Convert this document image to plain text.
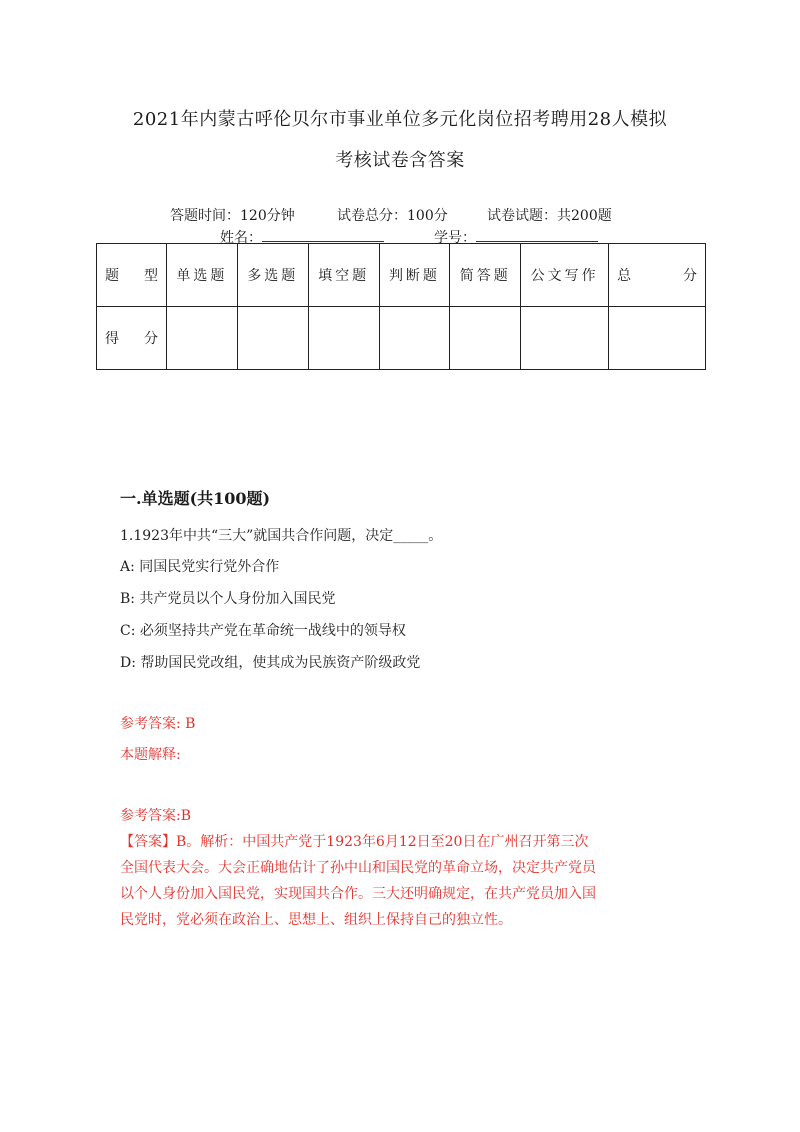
2021年内蒙古呼伦贝尔市事业单位多元化岗位招考聘用28人模拟
考核试卷含答案
答题时间：120分钟	试卷总分：100分	试卷试题：共200题
姓名：	学号：
题 型	单选题	多选题	填空题	判断题	简答题	公文写作	总 分

得 分							

一.单选题(共100题)
1.1923年中共“三大”就国共合作问题，决定_____。
A: 同国民党实行党外合作
B: 共产党员以个人身份加入国民党
C: 必须坚持共产党在革命统一战线中的领导权
D: 帮助国民党改组，使其成为民族资产阶级政党
参考答案: B
本题解释:
参考答案:B
【答案】B。解析：中国共产党于1923年6月12日至20日在广州召开第三次
全国代表大会。大会正确地估计了孙中山和国民党的革命立场，决定共产党员
以个人身份加入国民党，实现国共合作。三大还明确规定，在共产党员加入国
民党时，党必须在政治上、思想上、组织上保持自己的独立性。
